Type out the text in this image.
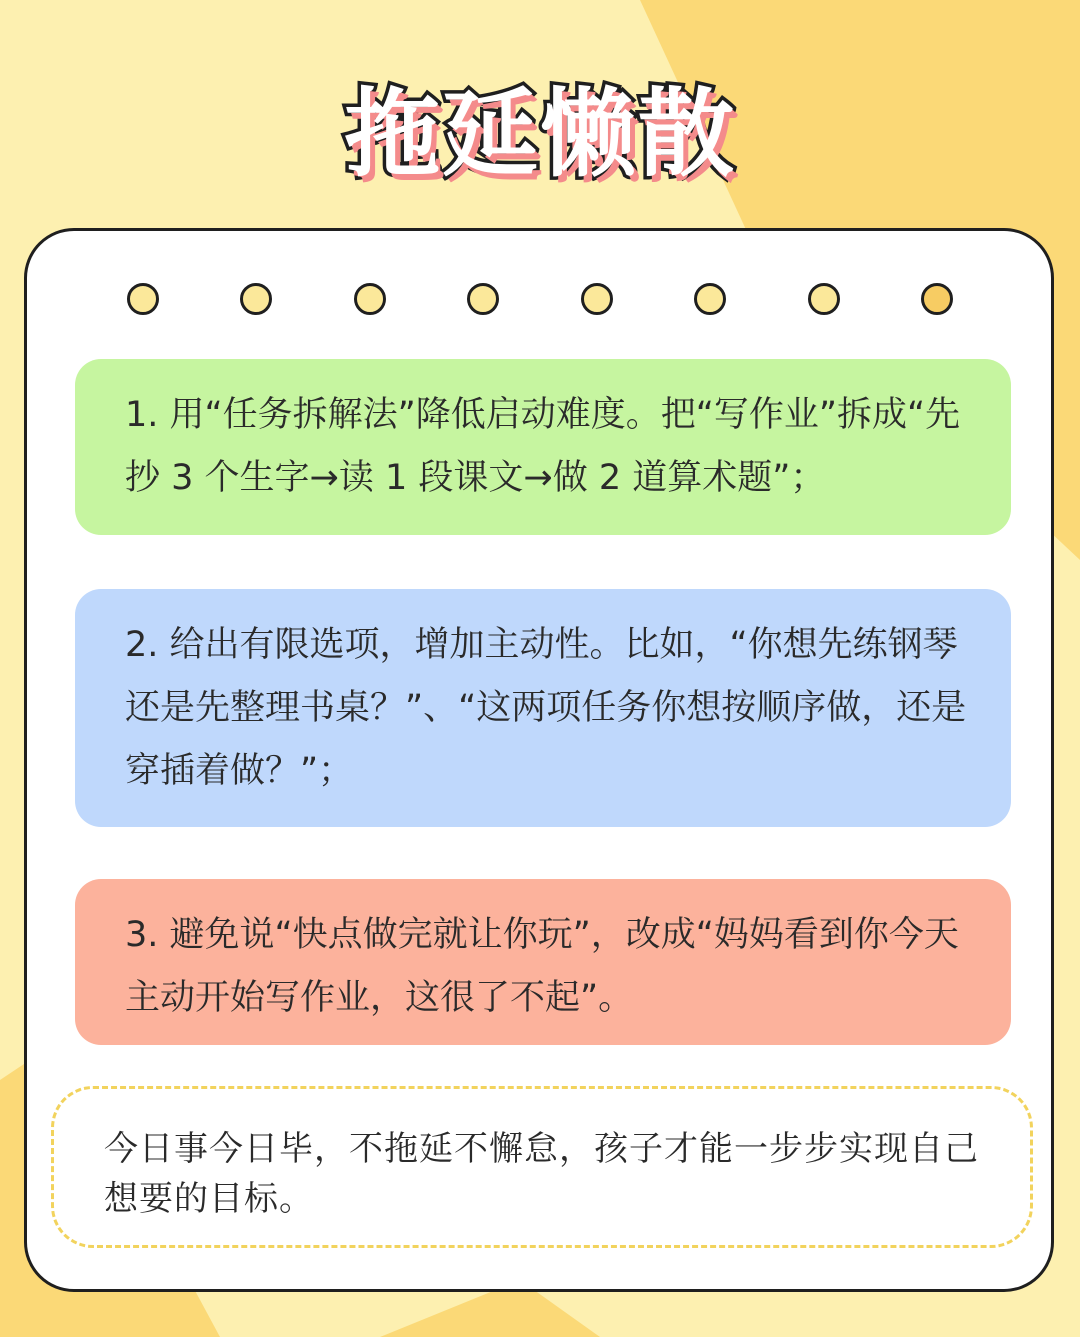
拖延懒散
1. 用“任务拆解法”降低启动难度。把“写作业”拆成“先抄 3 个生字→读 1 段课文→做 2 道算术题”；
2. 给出有限选项，增加主动性。比如，“你想先练钢琴还是先整理书桌？”、“这两项任务你想按顺序做，还是穿插着做？”；
3. 避免说“快点做完就让你玩”，改成“妈妈看到你今天主动开始写作业，这很了不起”。
今日事今日毕，不拖延不懈怠，孩子才能一步步实现自己想要的目标。
